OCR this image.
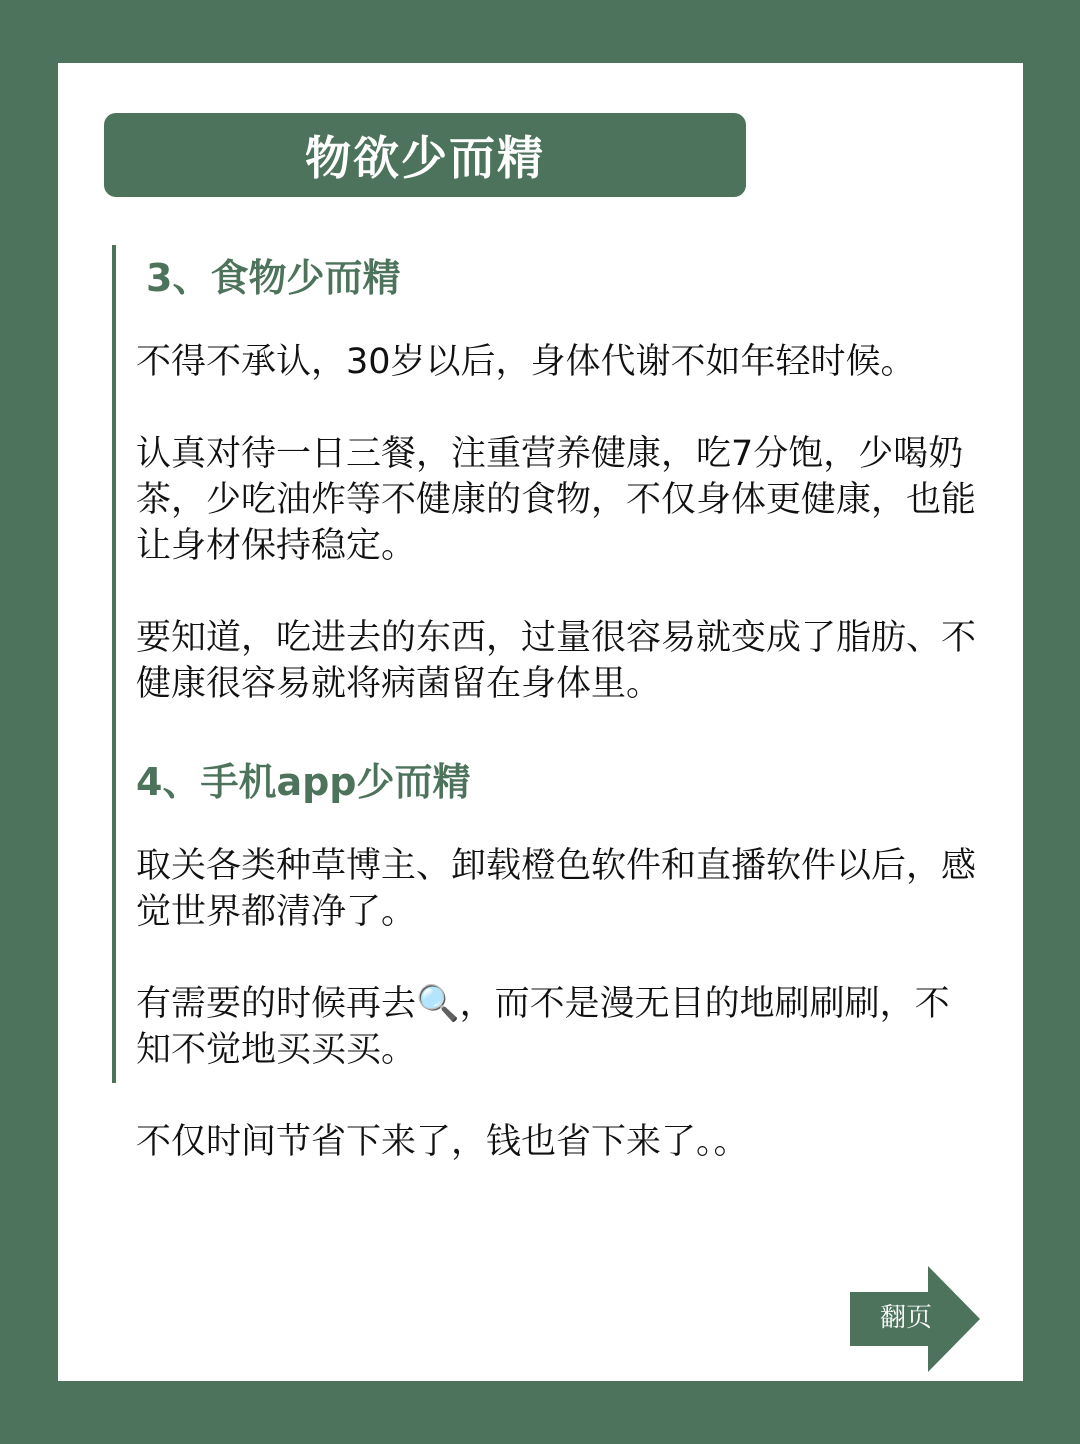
物欲少而精
3、食物少而精
不得不承认，30岁以后，身体代谢不如年轻时候。
认真对待一日三餐，注重营养健康，吃7分饱，少喝奶茶，少吃油炸等不健康的食物，不仅身体更健康，也能让身材保持稳定。
要知道，吃进去的东西，过量很容易就变成了脂肪、不健康很容易就将病菌留在身体里。
4、手机app少而精
取关各类种草博主、卸载橙色软件和直播软件以后，感觉世界都清净了。
有需要的时候再去🔍，而不是漫无目的地刷刷刷，不知不觉地买买买。
不仅时间节省下来了，钱也省下来了。。
翻页
